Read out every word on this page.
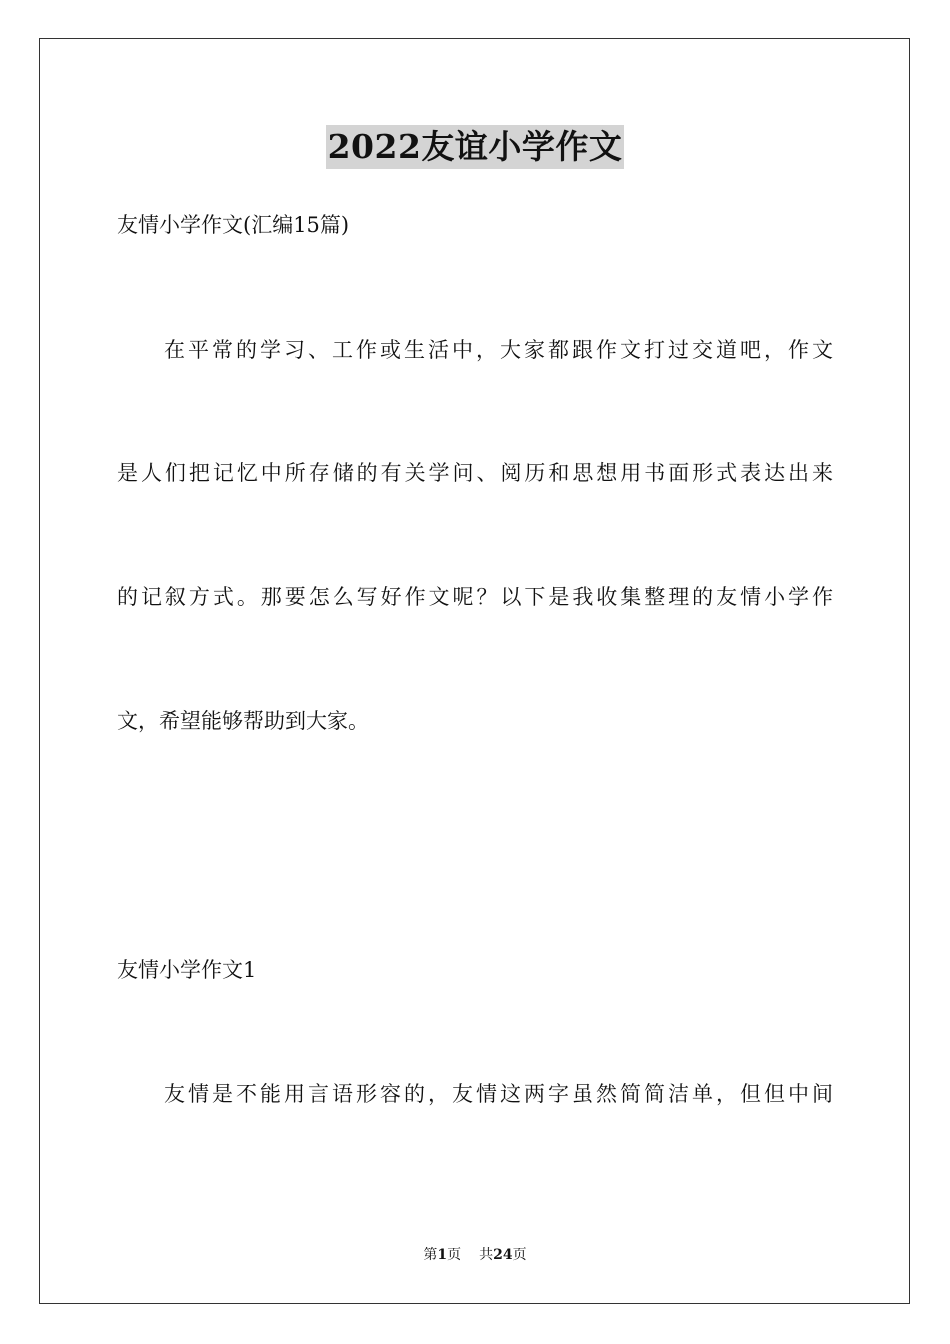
2022友谊小学作文
友情小学作文(汇编15篇)
在平常的学习、工作或生活中，大家都跟作文打过交道吧，作文
是人们把记忆中所存储的有关学问、阅历和思想用书面形式表达出来
的记叙方式。那要怎么写好作文呢？以下是我收集整理的友情小学作
文，希望能够帮助到大家。
友情小学作文1
友情是不能用言语形容的，友情这两字虽然简简洁单，但但中间
第1页 共24页
